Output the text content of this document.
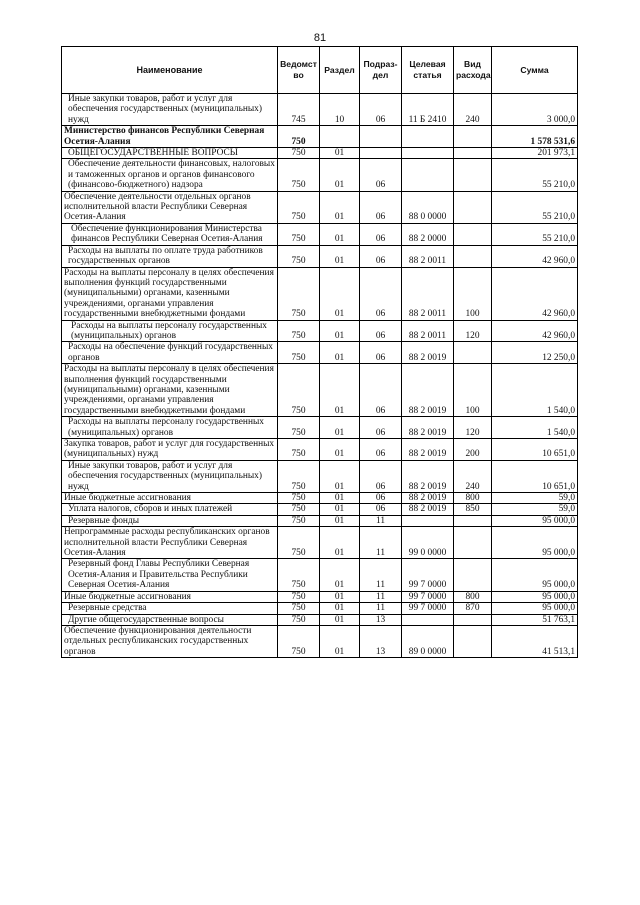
81
Наименование	Ведомст во	Раздел	Подраз- дел	Целевая статья	Вид расхода	Сумма
Иные закупки товаров, работ и услуг для обеспечения государственных (муниципальных) нужд	745	10	06	11 Б 2410	240	3 000,0
Министерство финансов Республики Северная Осетия-Алания	750					1 578 531,6
ОБЩЕГОСУДАРСТВЕННЫЕ ВОПРОСЫ	750	01				201 973,1
Обеспечение деятельности финансовых, налоговых и таможенных органов и органов финансового (финансово-бюджетного) надзора	750	01	06			55 210,0
Обеспечение деятельности отдельных органов исполнительной власти Республики Северная Осетия-Алания	750	01	06	88 0 0000		55 210,0
Обеспечение функционирования Министерства финансов Республики Северная Осетия-Алания	750	01	06	88 2 0000		55 210,0
Расходы на выплаты по оплате труда работников государственных органов	750	01	06	88 2 0011		42 960,0
Расходы на выплаты персоналу в целях обеспечения выполнения функций государственными (муниципальными) органами, казенными учреждениями, органами управления государственными внебюджетными фондами	750	01	06	88 2 0011	100	42 960,0
Расходы на выплаты персоналу государственных (муниципальных) органов	750	01	06	88 2 0011	120	42 960,0
Расходы на обеспечение функций государственных органов	750	01	06	88 2 0019		12 250,0
Расходы на выплаты персоналу в целях обеспечения выполнения функций государственными (муниципальными) органами, казенными учреждениями, органами управления государственными внебюджетными фондами	750	01	06	88 2 0019	100	1 540,0
Расходы на выплаты персоналу государственных (муниципальных) органов	750	01	06	88 2 0019	120	1 540,0
Закупка товаров, работ и услуг для государственных (муниципальных) нужд	750	01	06	88 2 0019	200	10 651,0
Иные закупки товаров, работ и услуг для обеспечения государственных (муниципальных) нужд	750	01	06	88 2 0019	240	10 651,0
Иные бюджетные ассигнования	750	01	06	88 2 0019	800	59,0
Уплата налогов, сборов и иных платежей	750	01	06	88 2 0019	850	59,0
Резервные фонды	750	01	11			95 000,0
Непрограммные расходы республиканских органов исполнительной власти Республики Северная Осетия-Алания	750	01	11	99 0 0000		95 000,0
Резервный фонд Главы Республики Северная Осетия-Алания и Правительства Республики Северная Осетия-Алания	750	01	11	99 7 0000		95 000,0
Иные бюджетные ассигнования	750	01	11	99 7 0000	800	95 000,0
Резервные средства	750	01	11	99 7 0000	870	95 000,0
Другие общегосударственные вопросы	750	01	13			51 763,1
Обеспечение функционирования деятельности отдельных республиканских государственных органов	750	01	13	89 0 0000		41 513,1
